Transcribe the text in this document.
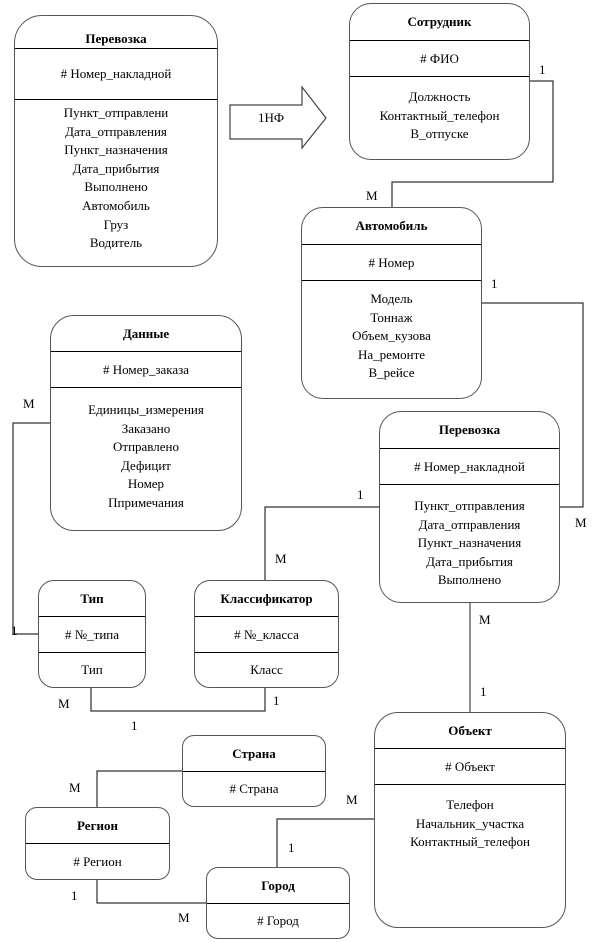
1НФ
Перевозка
# Номер_накладной
Пункт_отправлени
Дата_отправления
Пункт_назначения
Дата_прибытия
Выполнено
Автомобиль
Груз
Водитель
Сотрудник
# ФИО
Должность
Контактный_телефон
В_отпуске
Автомобиль
# Номер
Модель
Тоннаж
Объем_кузова
На_ремонте
В_рейсе
Данные
# Номер_заказа
Единицы_измерения
Заказано
Отправлено
Дефицит
Номер
Ппримечания
Перевозка
# Номер_накладной
Пункт_отправления
Дата_отправления
Пункт_назначения
Дата_прибытия
Выполнено
Тип
# №_типа
Тип
Классификатор
# №_класса
Класс
Объект
# Объект
Телефон
Начальник_участка
Контактный_телефон
Страна
# Страна
Регион
# Регион
Город
# Город
1
M
1
M
M
1
1
M
M	1
1
M
1
M
M
1
1
M
